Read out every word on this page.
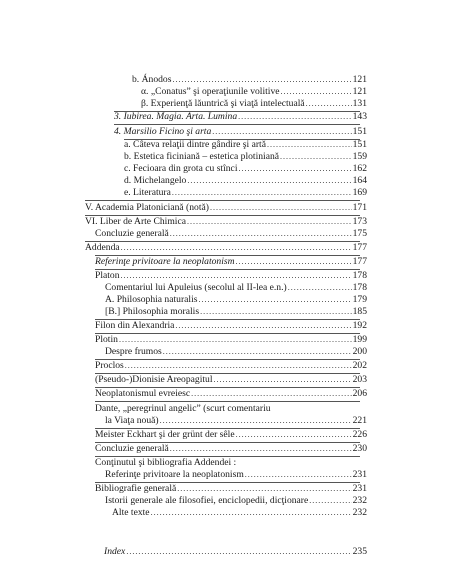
b. Ánodos .....	121
α. „Conatus” şi operaţiunile volitive .....	121
β. Experienţă lăuntrică şi viaţă intelectuală .....	131
3. Iubirea. Magia. Arta. Lumina .....	143
4. Marsilio Ficino şi arta .....	151
a. Câteva relaţii dintre gândire şi artă .....	151
b. Estetica ficiniană – estetica plotiniană .....	159
c. Fecioara din grota cu stînci .....	162
d. Michelangelo .....	164
e. Literatura .....	169
V. Academia Platoniciană (notă) .....	171
VI. Liber de Arte Chimica .....	173
Concluzie generală .....	175
Addenda .....	177
Referinţe privitoare la neoplatonism .....	177
Platon .....	178
Comentariul lui Apuleius (secolul al II-lea e.n.) .....	178
A. Philosophia naturalis .....	179
[B.] Philosophia moralis .....	185
Filon din Alexandria .....	192
Plotin .....	199
Despre frumos .....	200
Proclos .....	202
(Pseudo-)Dionisie Areopagitul .....	203
Neoplatonismul evreiesc .....	206
Dante, „peregrinul angelic” (scurt comentariu
la Viaţa nouă) .....	221
Meister Eckhart şi der grünt der sêle .....	226
Concluzie generală .....	230
Conţinutul şi bibliografia Addendei :
Referinţe privitoare la neoplatonism .....	231
Bibliografie generală .....	231
Istorii generale ale filosofiei, enciclopedii, dicţionare .....	232
Alte texte .....	232
Index .....	235
